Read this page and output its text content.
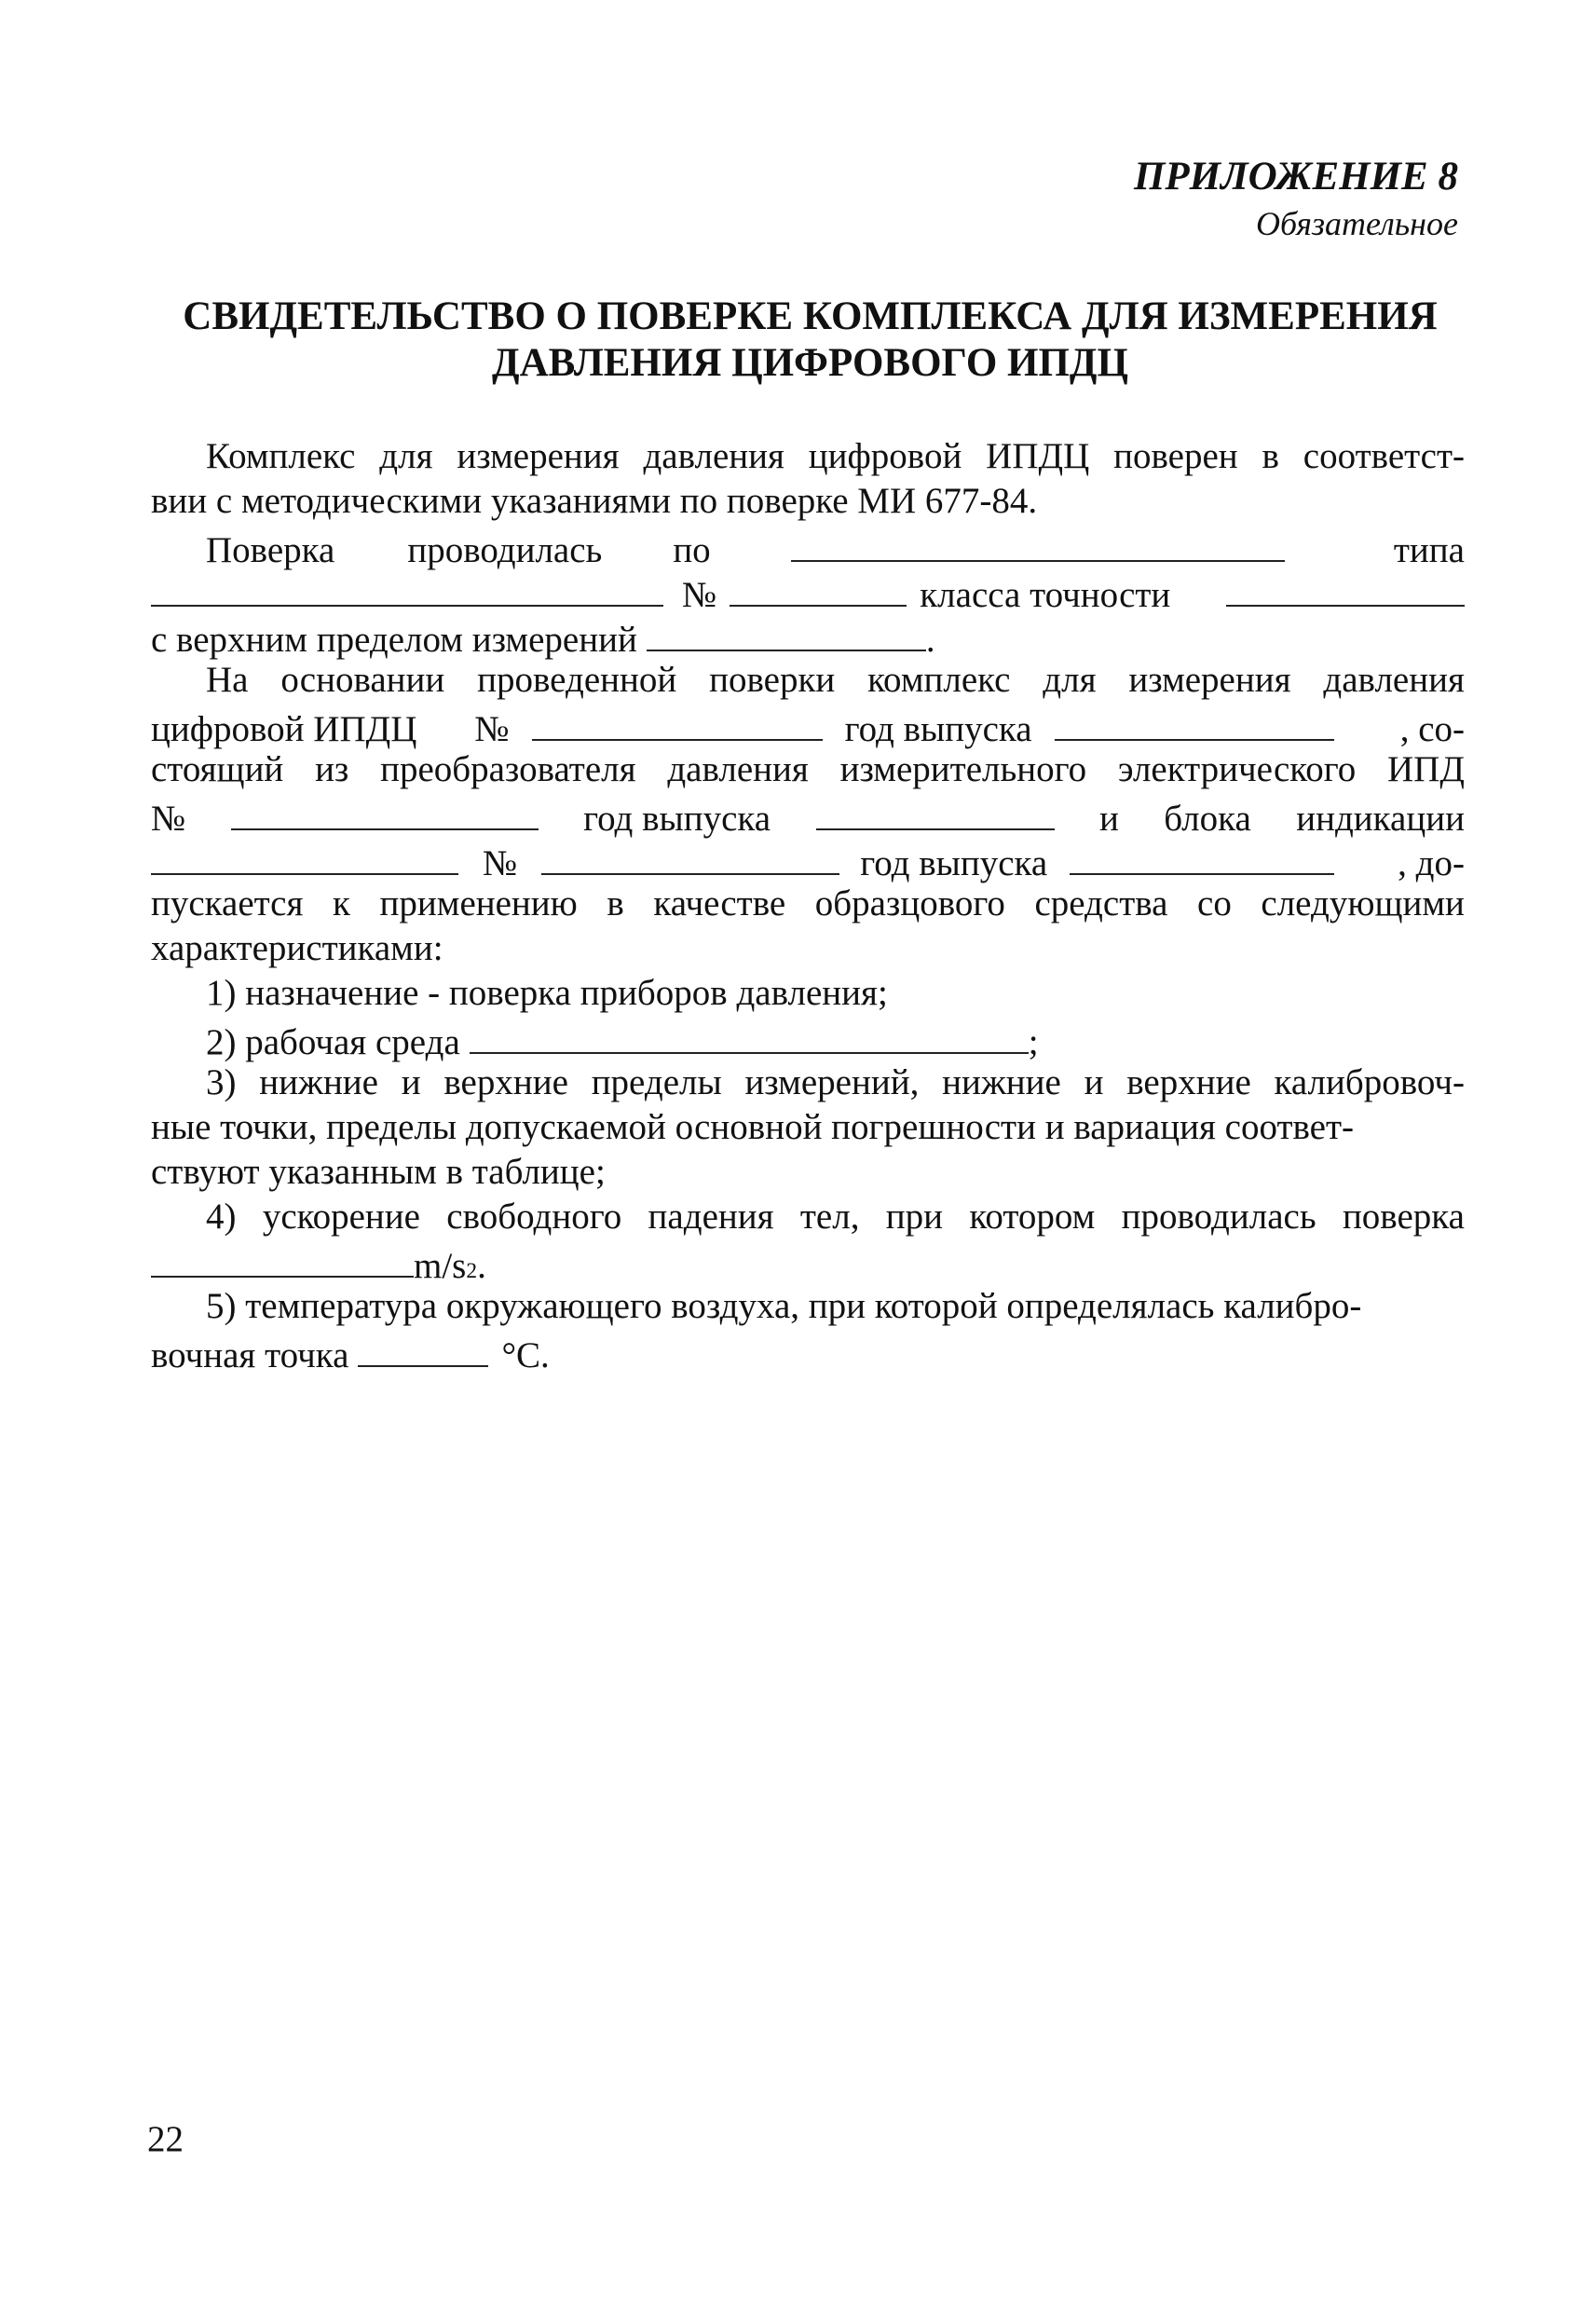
ПРИЛОЖЕНИЕ 8
Обязательное
СВИДЕТЕЛЬСТВО О ПОВЕРКЕ КОМПЛЕКСА ДЛЯ ИЗМЕРЕНИЯ
ДАВЛЕНИЯ ЦИФРОВОГО ИПДЦ
Комплекс для измерения давления цифровой ИПДЦ поверен в соответст-
вии с методическими указаниями по поверке МИ 677-84.
Поверка проводилась по	типа
№	класса точности
с верхним пределом измерений	.
На основании проведенной поверки комплекс для измерения давления
цифровой ИПДЦ №	год выпуска	, со-
стоящий из преобразователя давления измерительного электрического ИПД
№	год выпуска	и блока индикации
№	год выпуска	, до-
пускается к применению в качестве образцового средства со следующими
характеристиками:
1) назначение - поверка приборов давления;
2) рабочая среда	;
3) нижние и верхние пределы измерений, нижние и верхние калибровоч-
ные точки, пределы допускаемой основной погрешности и вариация соответ-
ствуют указанным в таблице;
4) ускорение свободного падения тел, при котором проводилась поверка
m/s 2 .
5) температура окружающего воздуха, при которой определялась калибро-
вочная точка	°C.
22
